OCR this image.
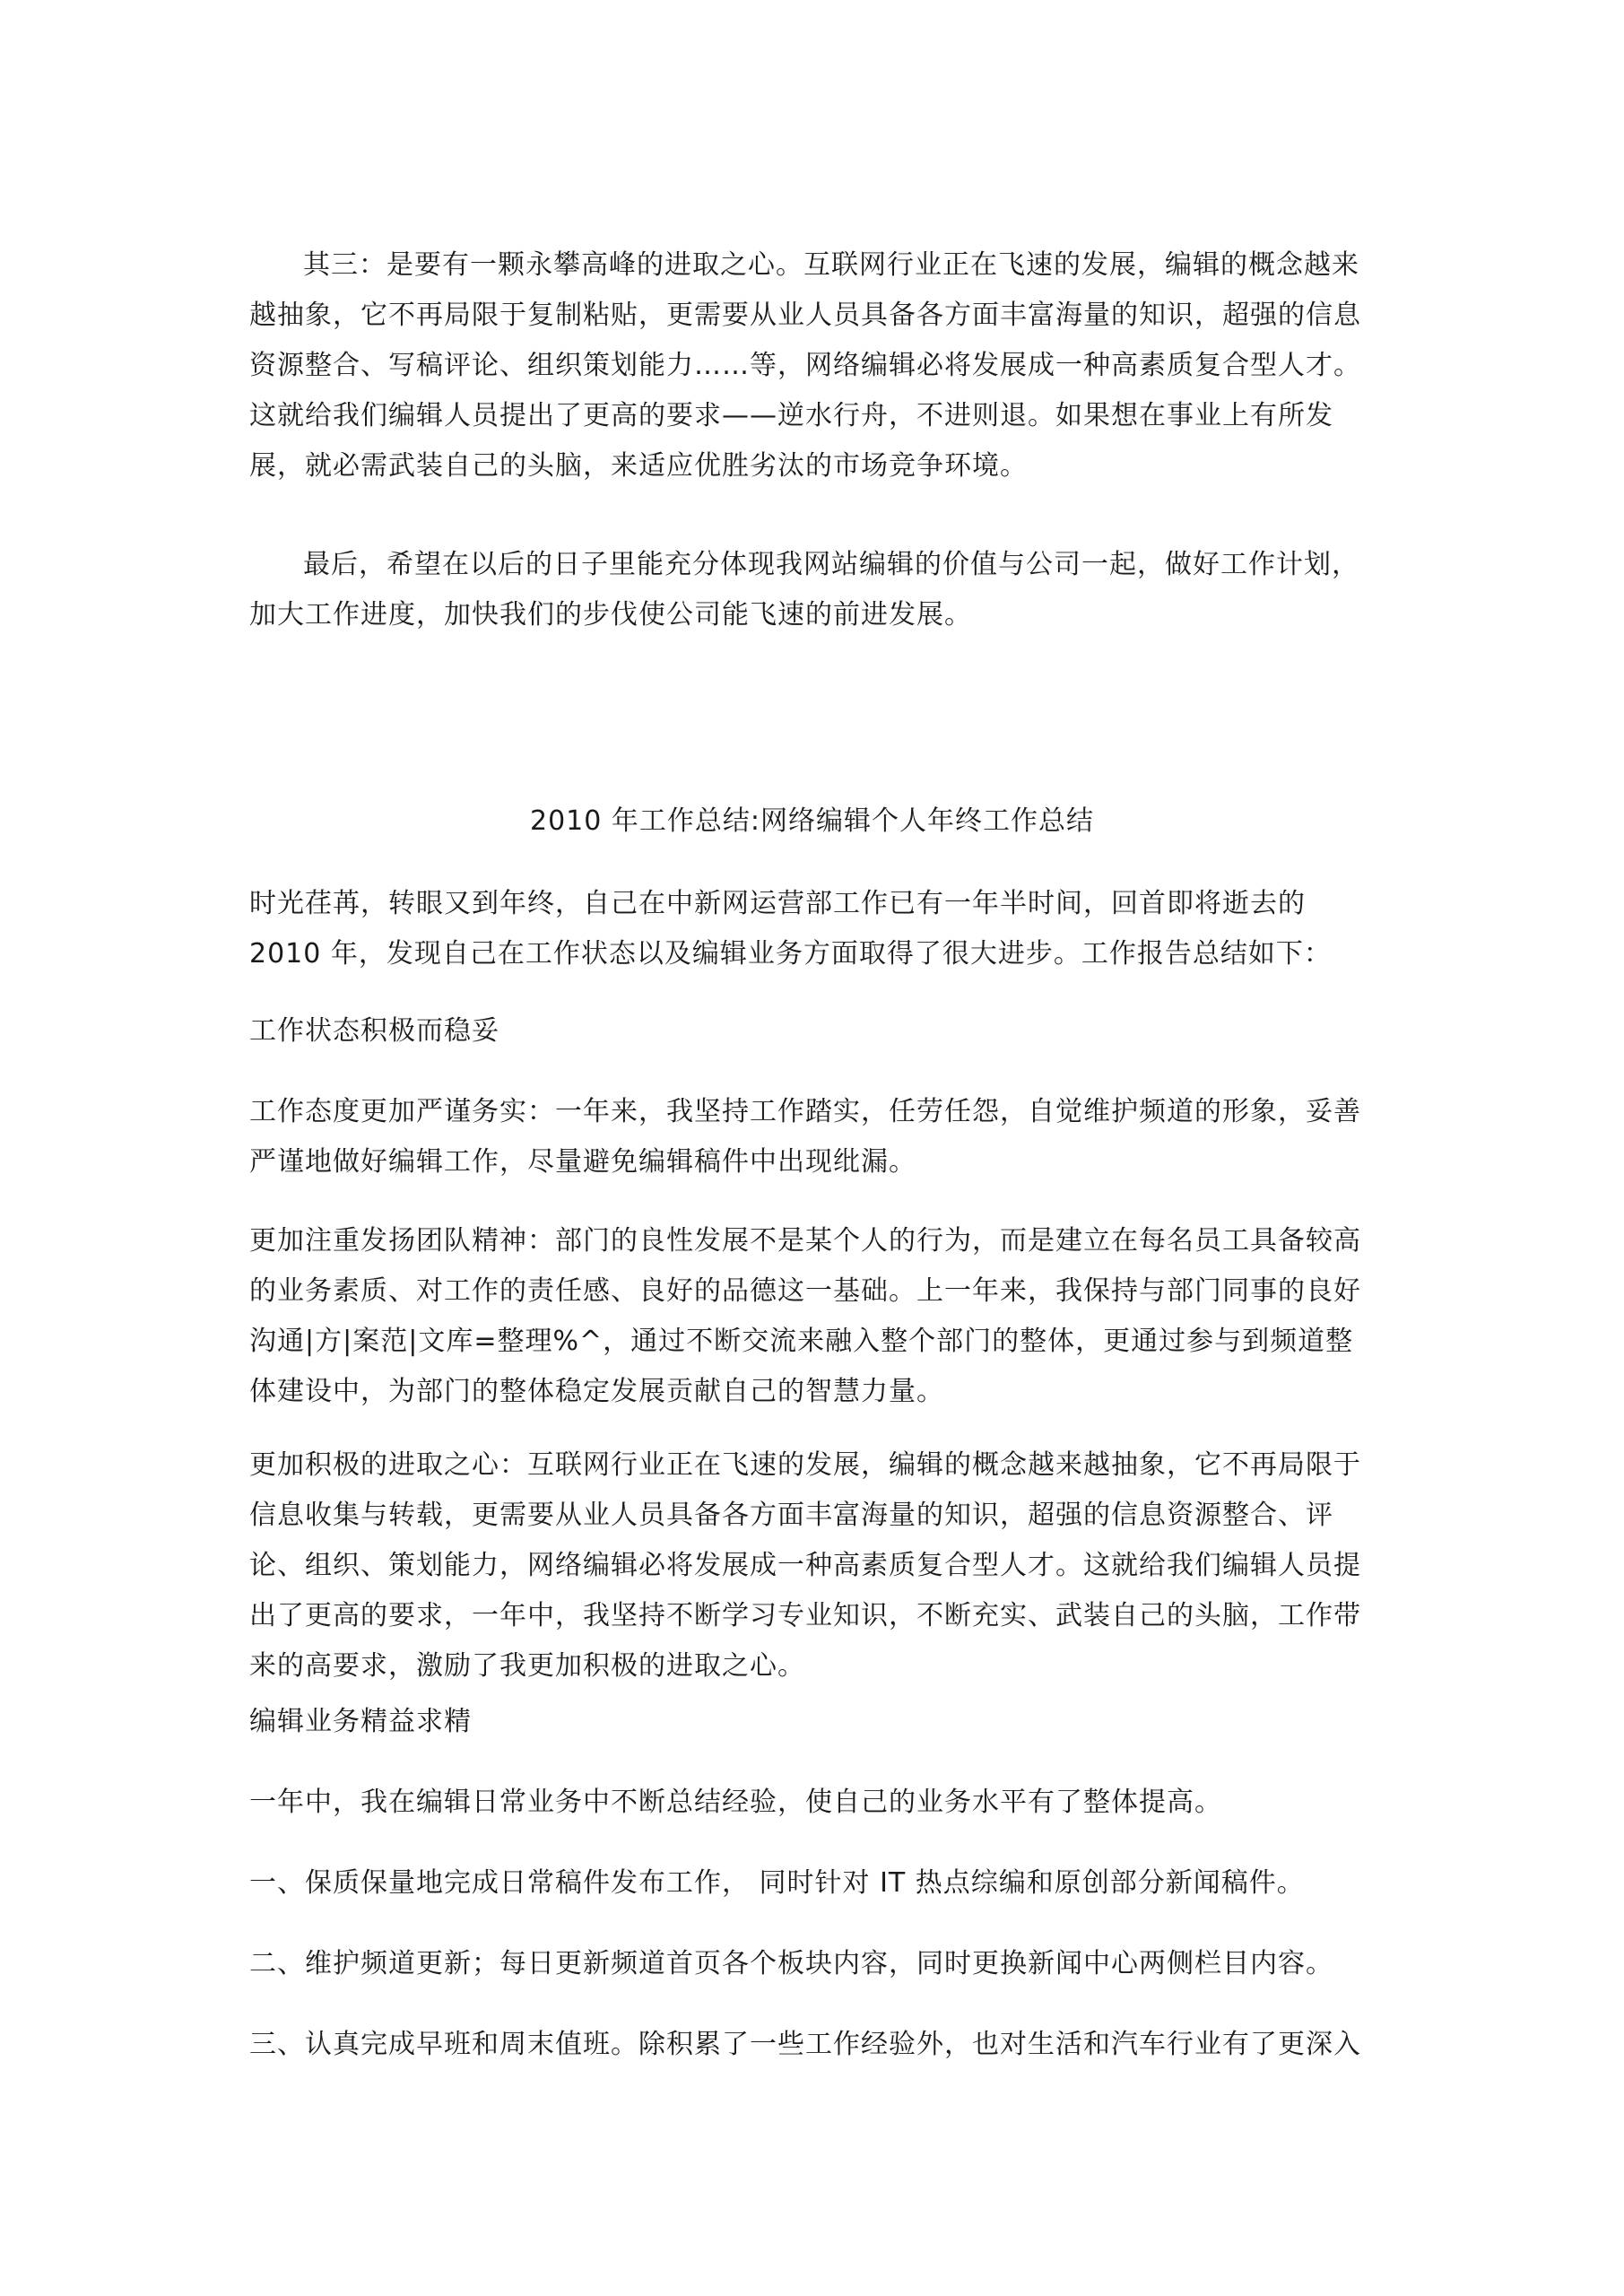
其三：是要有一颗永攀高峰的进取之心。互联网行业正在飞速的发展，编辑的概念越来越抽象，它不再局限于复制粘贴，更需要从业人员具备各方面丰富海量的知识，超强的信息资源整合、写稿评论、组织策划能力……等，网络编辑必将发展成一种高素质复合型人才。这就给我们编辑人员提出了更高的要求——逆水行舟，不进则退。如果想在事业上有所发展，就必需武装自己的头脑，来适应优胜劣汰的市场竞争环境。

最后，希望在以后的日子里能充分体现我网站编辑的价值与公司一起，做好工作计划，加大工作进度，加快我们的步伐使公司能飞速的前进发展。

2010 年工作总结:网络编辑个人年终工作总结

时光荏苒，转眼又到年终，自己在中新网运营部工作已有一年半时间，回首即将逝去的 2010 年，发现自己在工作状态以及编辑业务方面取得了很大进步。工作报告总结如下：

工作状态积极而稳妥

工作态度更加严谨务实：一年来，我坚持工作踏实，任劳任怨，自觉维护频道的形象，妥善严谨地做好编辑工作，尽量避免编辑稿件中出现纰漏。

更加注重发扬团队精神：部门的良性发展不是某个人的行为，而是建立在每名员工具备较高的业务素质、对工作的责任感、良好的品德这一基础。上一年来，我保持与部门同事的良好沟通|方|案范|文库=整理%^，通过不断交流来融入整个部门的整体，更通过参与到频道整体建设中，为部门的整体稳定发展贡献自己的智慧力量。

更加积极的进取之心：互联网行业正在飞速的发展，编辑的概念越来越抽象，它不再局限于信息收集与转载，更需要从业人员具备各方面丰富海量的知识，超强的信息资源整合、评论、组织、策划能力，网络编辑必将发展成一种高素质复合型人才。这就给我们编辑人员提出了更高的要求，一年中，我坚持不断学习专业知识，不断充实、武装自己的头脑，工作带来的高要求，激励了我更加积极的进取之心。

编辑业务精益求精

一年中，我在编辑日常业务中不断总结经验，使自己的业务水平有了整体提高。

一、保质保量地完成日常稿件发布工作， 同时针对 IT 热点综编和原创部分新闻稿件。

二、维护频道更新；每日更新频道首页各个板块内容，同时更换新闻中心两侧栏目内容。

三、认真完成早班和周末值班。除积累了一些工作经验外，也对生活和汽车行业有了更深入
